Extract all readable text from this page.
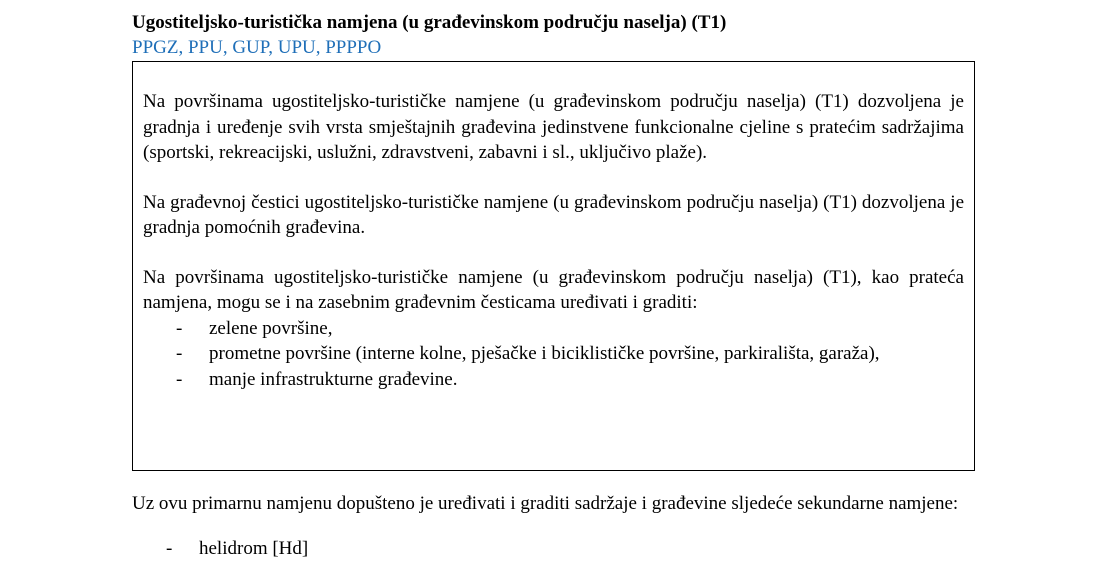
Ugostiteljsko-turistička namjena (u građevinskom području naselja) (T1)

PPGZ, PPU, GUP, UPU, PPPPO

Na površinama ugostiteljsko-turističke namjene (u građevinskom području naselja) (T1) dozvoljena je gradnja i uređenje svih vrsta smještajnih građevina jedinstvene funkcionalne cjeline s pratećim sadržajima (sportski, rekreacijski, uslužni, zdravstveni, zabavni i sl., uključivo plaže).

Na građevnoj čestici ugostiteljsko-turističke namjene (u građevinskom području naselja) (T1) dozvoljena je gradnja pomoćnih građevina.

Na površinama ugostiteljsko-turističke namjene (u građevinskom području naselja) (T1), kao prateća namjena, mogu se i na zasebnim građevnim česticama uređivati i graditi:

- zelene površine,
- prometne površine (interne kolne, pješačke i biciklističke površine, parkirališta, garaža),
- manje infrastrukturne građevine.

Uz ovu primarnu namjenu dopušteno je uređivati i graditi sadržaje i građevine sljedeće sekundarne namjene:

- helidrom [Hd]
